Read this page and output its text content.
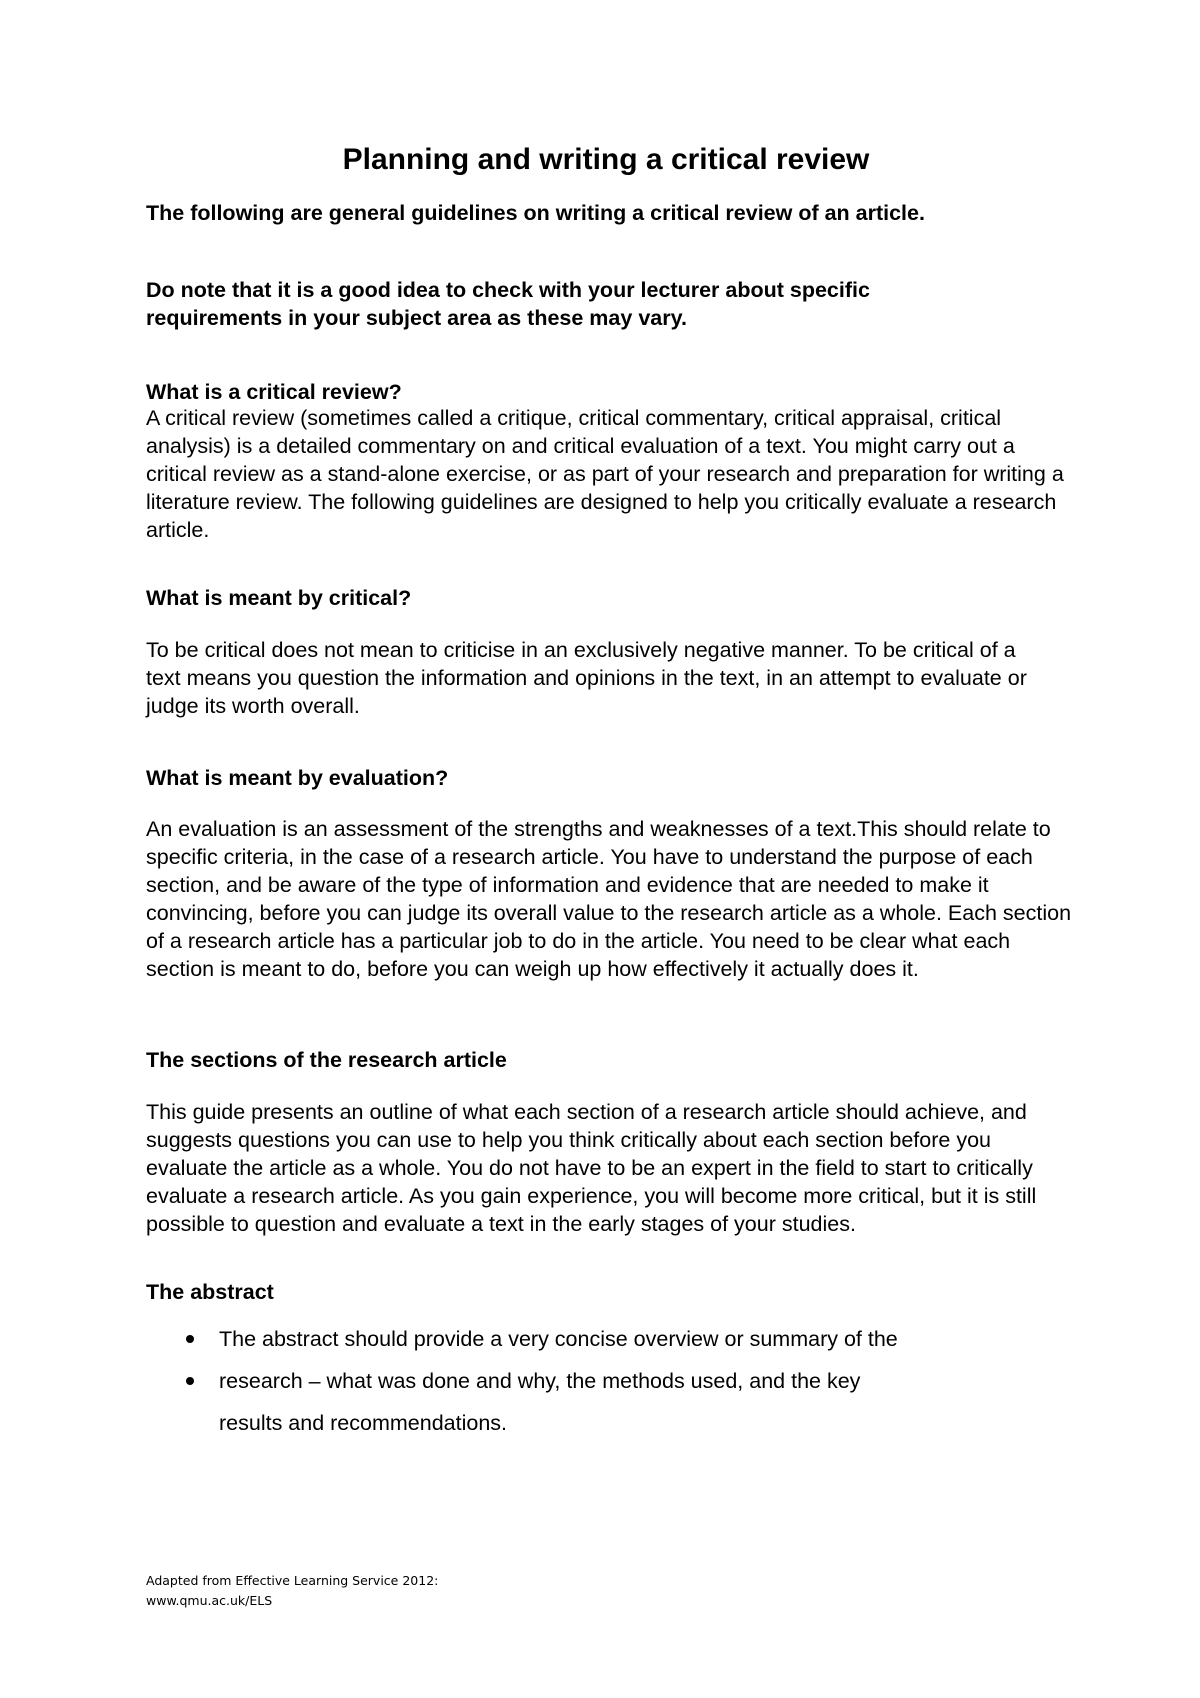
Planning and writing a critical review

The following are general guidelines on writing a critical review of an article.

Do note that it is a good idea to check with your lecturer about specific requirements in your subject area as these may vary.

What is a critical review?

A critical review (sometimes called a critique, critical commentary, critical appraisal, critical analysis) is a detailed commentary on and critical evaluation of a text. You might carry out a critical review as a stand-alone exercise, or as part of your research and preparation for writing a literature review. The following guidelines are designed to help you critically evaluate a research article.

What is meant by critical?

To be critical does not mean to criticise in an exclusively negative manner. To be critical of a text means you question the information and opinions in the text, in an attempt to evaluate or judge its worth overall.

What is meant by evaluation?

An evaluation is an assessment of the strengths and weaknesses of a text.This should relate to specific criteria, in the case of a research article. You have to understand the purpose of each section, and be aware of the type of information and evidence that are needed to make it convincing, before you can judge its overall value to the research article as a whole. Each section of a research article has a particular job to do in the article. You need to be clear what each section is meant to do, before you can weigh up how effectively it actually does it.

The sections of the research article

This guide presents an outline of what each section of a research article should achieve, and suggests questions you can use to help you think critically about each section before you evaluate the article as a whole. You do not have to be an expert in the field to start to critically evaluate a research article. As you gain experience, you will become more critical, but it is still possible to question and evaluate a text in the early stages of your studies.

The abstract

The abstract should provide a very concise overview or summary of the
research – what was done and why, the methods used, and the key results and recommendations.
Adapted from Effective Learning Service 2012:
www.qmu.ac.uk/ELS
